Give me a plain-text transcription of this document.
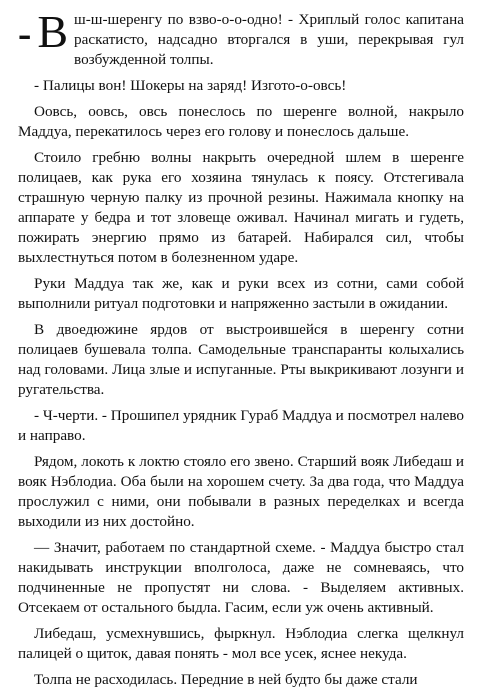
- В ш-ш-шеренгу по взво-о-о-одно! - Хриплый голос капитана раскатисто, надсадно вторгался в уши, перекрывая гул возбужденной толпы.

- Палицы вон! Шокеры на заряд! Изгото-о-овсь!

Оовсь, оовсь, овсь понеслось по шеренге волной, накрыло Маддуа, перекатилось через его голову и понеслось дальше.

Стоило гребню волны накрыть очередной шлем в шеренге полицаев, как рука его хозяина тянулась к поясу. Отстегивала страшную черную палку из прочной резины. Нажимала кнопку на аппарате у бедра и тот зловеще оживал. Начинал мигать и гудеть, пожирать энергию прямо из батарей. Набирался сил, чтобы выхлестнуться потом в болезненном ударе.

Руки Маддуа так же, как и руки всех из сотни, сами собой выполнили ритуал подготовки и напряженно застыли в ожидании.

В двоедюжине ярдов от выстроившейся в шеренгу сотни полицаев бушевала толпа. Самодельные транспаранты колыхались над головами. Лица злые и испуганные. Рты выкрикивают лозунги и ругательства.

- Ч-черти. - Прошипел урядник Гураб Маддуа и посмотрел налево и направо.

Рядом, локоть к локтю стояло его звено. Старший вояк Либедаш и вояк Нэблодиа. Оба были на хорошем счету. За два года, что Маддуа прослужил с ними, они побывали в разных переделках и всегда выходили из них достойно.

— Значит, работаем по стандартной схеме. - Маддуа быстро стал накидывать инструкции вполголоса, даже не сомневаясь, что подчиненные не пропустят ни слова. - Выделяем активных. Отсекаем от остального быдла. Гасим, если уж очень активный.

Либедаш, усмехнувшись, фыркнул. Нэблодиа слегка щелкнул палицей о щиток, давая понять - мол все усек, яснее некуда.

Толпа не расходилась. Передние в ней будто бы даже стали
